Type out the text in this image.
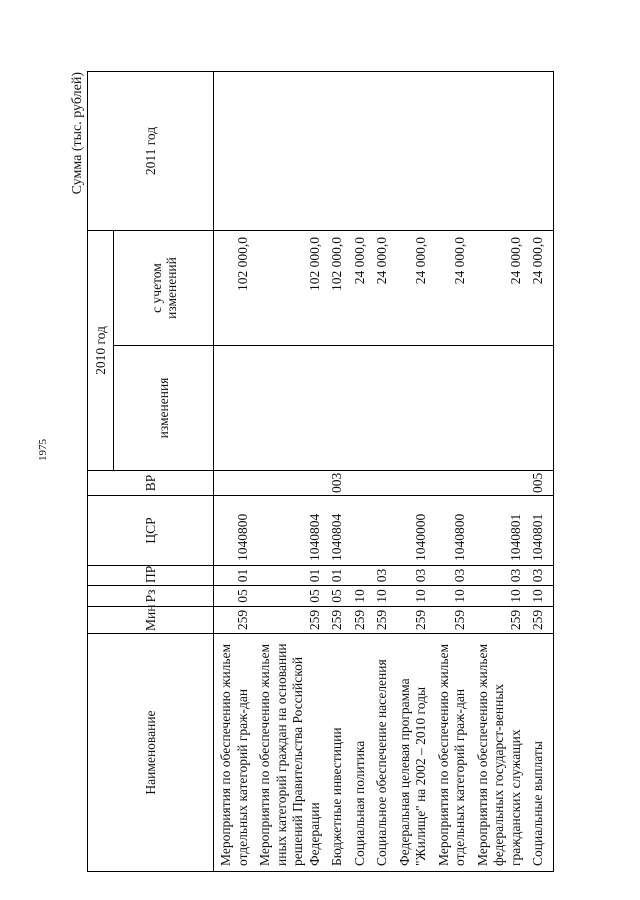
1975
Сумма (тыс. рублей)
Наименование	Мин	Рз	ПР	ЦСР	ВР	2010 год		2011 год
						изменения	с учетом изменений	
Мероприятия по обеспечению жильем отдельных категорий граж-дан	259	05	01	1040800			102 000,0	
Мероприятия по обеспечению жильем иных категорий граждан на основании решений Правительства Российской Федерации	259	05	01	1040804			102 000,0	
Бюджетные инвестиции	259	05	01	1040804	003		102 000,0	
Социальная политика	259	10					24 000,0	
Социальное обеспечение населения	259	10	03				24 000,0	
Федеральная целевая программа "Жилище" на 2002 – 2010 годы	259	10	03	1040000			24 000,0	
Мероприятия по обеспечению жильем отдельных категорий граж-дан	259	10	03	1040800			24 000,0	
Мероприятия по обеспечению жильем федеральных государст-венных гражданских служащих	259	10	03	1040801			24 000,0	
Социальные выплаты	259	10	03	1040801	005		24 000,0	
